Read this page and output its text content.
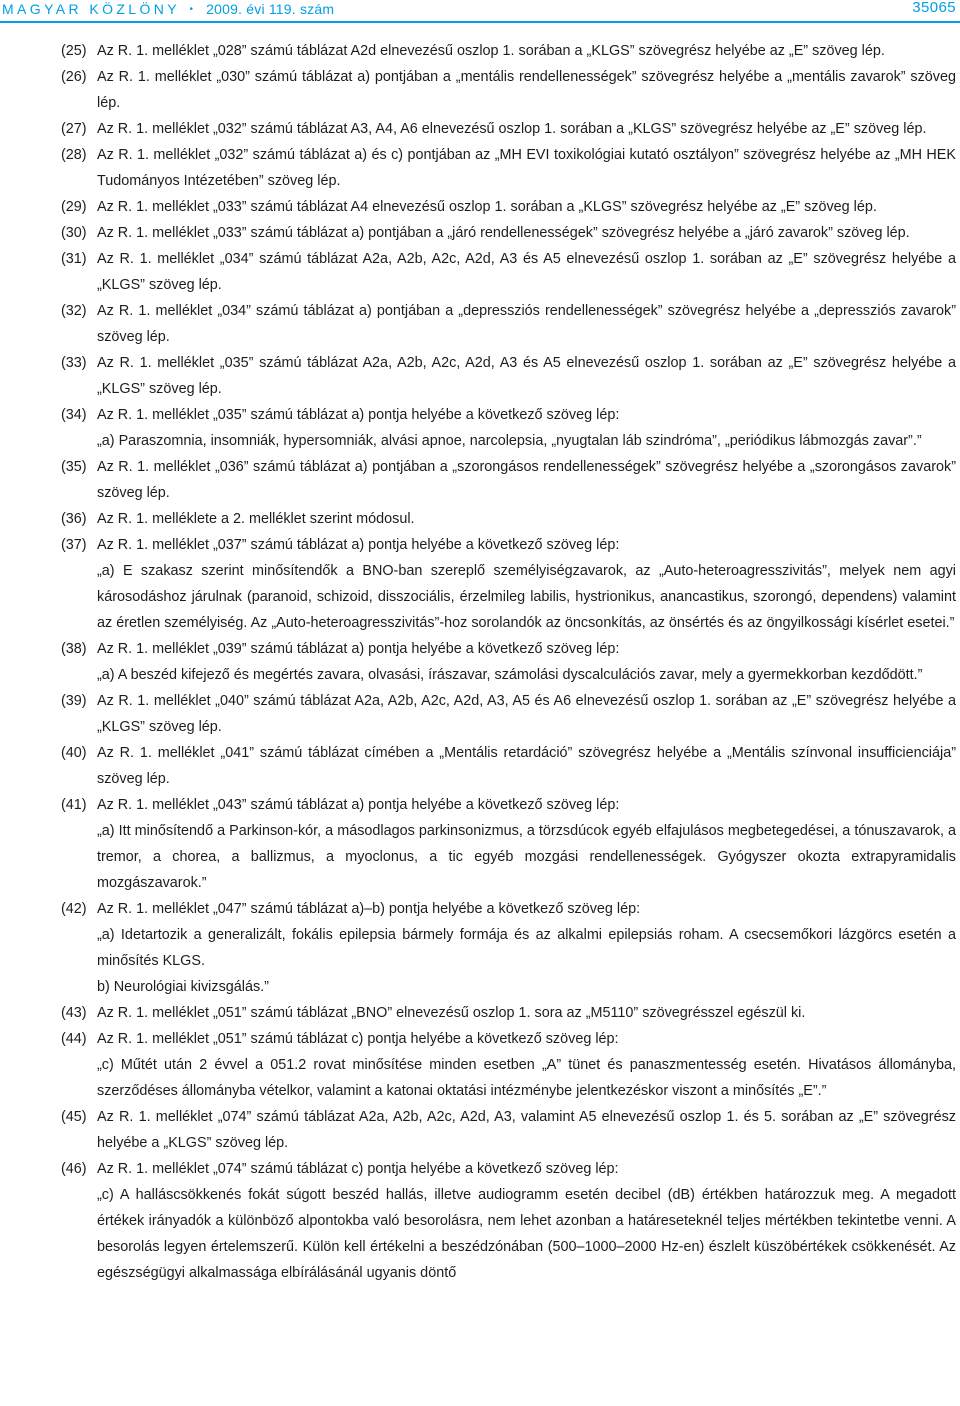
MAGYAR KÖZLÖNY • 2009. évi 119. szám	35065
(25) Az R. 1. melléklet „028” számú táblázat A2d elnevezésű oszlop 1. sorában a „KLGS” szövegrész helyébe az „E” szöveg lép.
(26) Az R. 1. melléklet „030” számú táblázat a) pontjában a „mentális rendellenességek” szövegrész helyébe a „mentális zavarok” szöveg lép.
(27) Az R. 1. melléklet „032” számú táblázat A3, A4, A6 elnevezésű oszlop 1. sorában a „KLGS” szövegrész helyébe az „E” szöveg lép.
(28) Az R. 1. melléklet „032” számú táblázat a) és c) pontjában az „MH EVI toxikológiai kutató osztályon” szövegrész helyébe az „MH HEK Tudományos Intézetében” szöveg lép.
(29) Az R. 1. melléklet „033” számú táblázat A4 elnevezésű oszlop 1. sorában a „KLGS” szövegrész helyébe az „E” szöveg lép.
(30) Az R. 1. melléklet „033” számú táblázat a) pontjában a „járó rendellenességek” szövegrész helyébe a „járó zavarok” szöveg lép.
(31) Az R. 1. melléklet „034” számú táblázat A2a, A2b, A2c, A2d, A3 és A5 elnevezésű oszlop 1. sorában az „E” szövegrész helyébe a „KLGS” szöveg lép.
(32) Az R. 1. melléklet „034” számú táblázat a) pontjában a „depressziós rendellenességek” szövegrész helyébe a „depressziós zavarok” szöveg lép.
(33) Az R. 1. melléklet „035” számú táblázat A2a, A2b, A2c, A2d, A3 és A5 elnevezésű oszlop 1. sorában az „E” szövegrész helyébe a „KLGS” szöveg lép.
(34) Az R. 1. melléklet „035” számú táblázat a) pontja helyébe a következő szöveg lép:
„a) Paraszomnia, insomniák, hypersomniák, alvási apnoe, narcolepsia, „nyugtalan láb szindróma”, „periódikus lábmozgás zavar”.”
(35) Az R. 1. melléklet „036” számú táblázat a) pontjában a „szorongásos rendellenességek” szövegrész helyébe a „szorongásos zavarok” szöveg lép.
(36) Az R. 1. melléklete a 2. melléklet szerint módosul.
(37) Az R. 1. melléklet „037” számú táblázat a) pontja helyébe a következő szöveg lép:
„a) E szakasz szerint minősítendők a BNO-ban szereplő személyiségzavarok, az „Auto-heteroagresszivitás”, melyek nem agyi károsodáshoz járulnak (paranoid, schizoid, disszociális, érzelmileg labilis, hystrionikus, anancastikus, szorongó, dependens) valamint az éretlen személyiség. Az „Auto-heteroagresszivitás”-hoz sorolandók az öncsonkítás, az önsértés és az öngyilkossági kísérlet esetei.”
(38) Az R. 1. melléklet „039” számú táblázat a) pontja helyébe a következő szöveg lép:
„a) A beszéd kifejező és megértés zavara, olvasási, írászavar, számolási dyscalculációs zavar, mely a gyermekkorban kezdődött.”
(39) Az R. 1. melléklet „040” számú táblázat A2a, A2b, A2c, A2d, A3, A5 és A6 elnevezésű oszlop 1. sorában az „E” szövegrész helyébe a „KLGS” szöveg lép.
(40) Az R. 1. melléklet „041” számú táblázat címében a „Mentális retardáció” szövegrész helyébe a „Mentális színvonal insufficienciája” szöveg lép.
(41) Az R. 1. melléklet „043” számú táblázat a) pontja helyébe a következő szöveg lép:
„a) Itt minősítendő a Parkinson-kór, a másodlagos parkinsonizmus, a törzsdúcok egyéb elfajulásos megbetegedései, a tónuszavarok, a tremor, a chorea, a ballizmus, a myoclonus, a tic egyéb mozgási rendellenességek. Gyógyszer okozta extrapyramidalis mozgászavarok.”
(42) Az R. 1. melléklet „047” számú táblázat a)–b) pontja helyébe a következő szöveg lép:
„a) Idetartozik a generalizált, fokális epilepsia bármely formája és az alkalmi epilepsiás roham. A csecsemőkori lázgörcs esetén a minősítés KLGS.
b) Neurológiai kivizsgálás.”
(43) Az R. 1. melléklet „051” számú táblázat „BNO” elnevezésű oszlop 1. sora az „M5110” szövegrésszel egészül ki.
(44) Az R. 1. melléklet „051” számú táblázat c) pontja helyébe a következő szöveg lép:
„c) Műtét után 2 évvel a 051.2 rovat minősítése minden esetben „A” tünet és panaszmentesség esetén. Hivatásos állományba, szerződéses állományba vételkor, valamint a katonai oktatási intézménybe jelentkezéskor viszont a minősítés „E”.”
(45) Az R. 1. melléklet „074” számú táblázat A2a, A2b, A2c, A2d, A3, valamint A5 elnevezésű oszlop 1. és 5. sorában az „E” szövegrész helyébe a „KLGS” szöveg lép.
(46) Az R. 1. melléklet „074” számú táblázat c) pontja helyébe a következő szöveg lép:
„c) A halláscsökkenés fokát súgott beszéd hallás, illetve audiogramm esetén decibel (dB) értékben határozzuk meg. A megadott értékek irányadók a különböző alpontokba való besorolásra, nem lehet azonban a határeseteknél teljes mértékben tekintetbe venni. A besorolás legyen értelemszerű. Külön kell értékelni a beszédzónában (500–1000–2000 Hz-en) észlelt küszöbértékek csökkenését. Az egészségügyi alkalmassága elbírálásánál ugyanis döntő
